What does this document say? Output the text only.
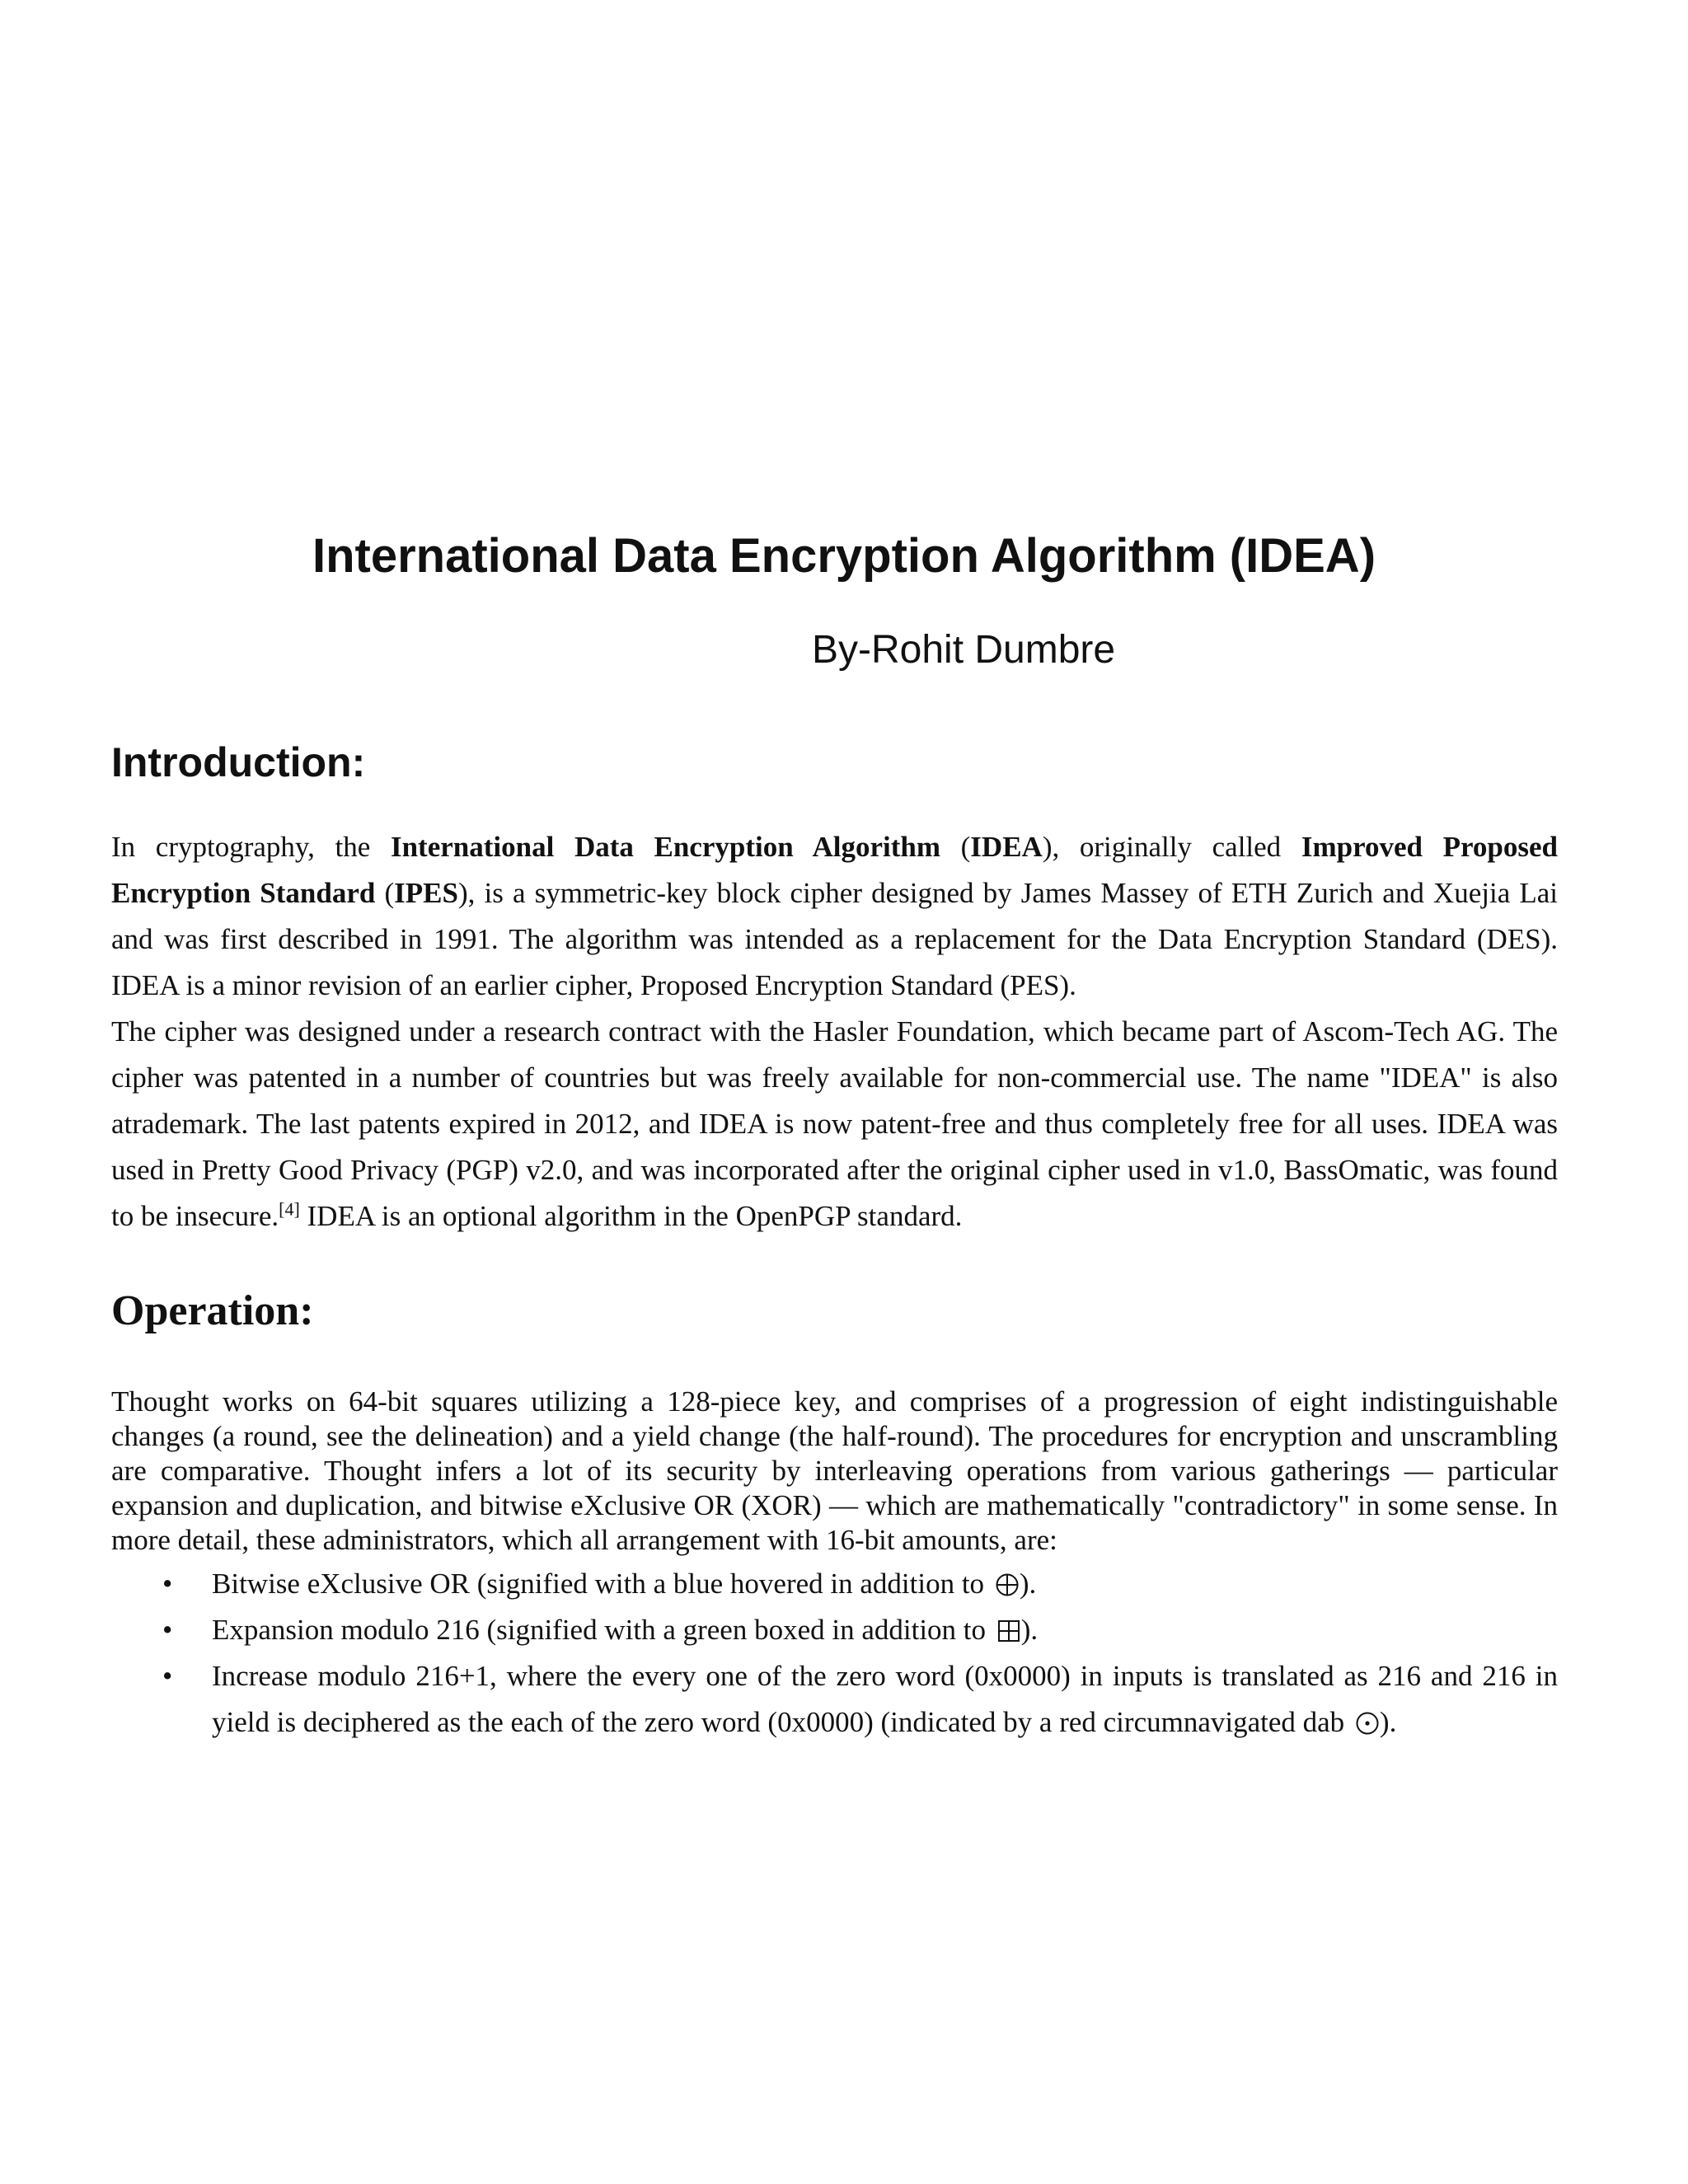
International Data Encryption Algorithm (IDEA)
By-Rohit Dumbre
Introduction:

In cryptography, the International Data Encryption Algorithm (IDEA), originally called Improved Proposed Encryption Standard (IPES), is a symmetric-key block cipher designed by James Massey of ETH Zurich and Xuejia Lai and was first described in 1991. The algorithm was intended as a replacement for the Data Encryption Standard (DES). IDEA is a minor revision of an earlier cipher, Proposed Encryption Standard (PES).

The cipher was designed under a research contract with the Hasler Foundation, which became part of Ascom-Tech AG. The cipher was patented in a number of countries but was freely available for non-commercial use. The name "IDEA" is also atrademark. The last patents expired in 2012, and IDEA is now patent-free and thus completely free for all uses. IDEA was used in Pretty Good Privacy (PGP) v2.0, and was incorporated after the original cipher used in v1.0, BassOmatic, was found to be insecure.[4] IDEA is an optional algorithm in the OpenPGP standard.

Operation:

Thought works on 64-bit squares utilizing a 128-piece key, and comprises of a progression of eight indistinguishable changes (a round, see the delineation) and a yield change (the half-round). The procedures for encryption and unscrambling are comparative. Thought infers a lot of its security by interleaving operations from various gatherings — particular expansion and duplication, and bitwise eXclusive OR (XOR) — which are mathematically "contradictory" in some sense. In more detail, these administrators, which all arrangement with 16-bit amounts, are:

• Bitwise eXclusive OR (signified with a blue hovered in addition to ).
• Expansion modulo 216 (signified with a green boxed in addition to ).
• Increase modulo 216+1, where the every one of the zero word (0x0000) in inputs is translated as 216 and 216 in yield is deciphered as the each of the zero word (0x0000) (indicated by a red circumnavigated dab ).
